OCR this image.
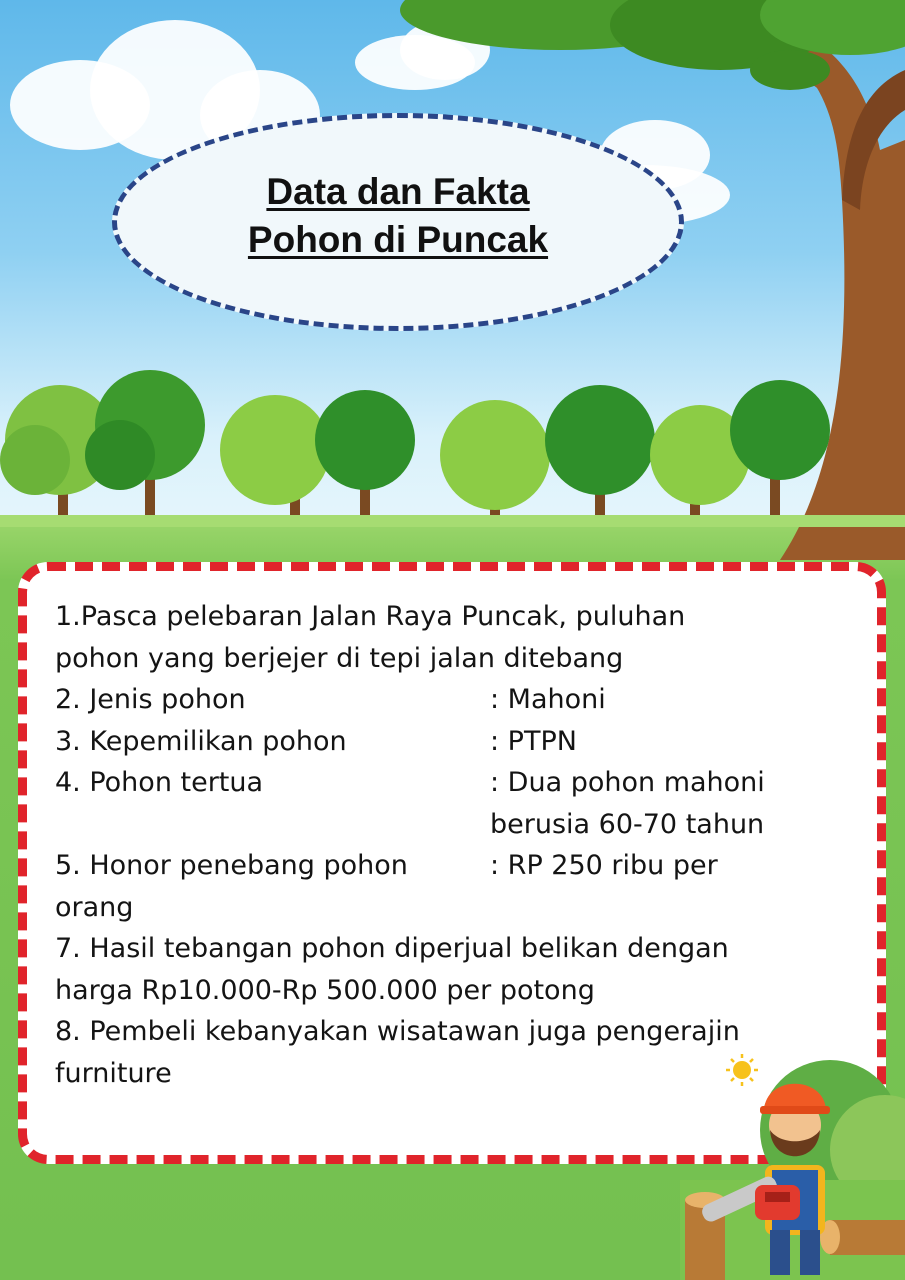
Data dan Fakta
Pohon di Puncak
1.Pasca pelebaran Jalan Raya Puncak, puluhan
pohon yang berjejer di tepi jalan ditebang
2. Jenis pohon	: Mahoni
3. Kepemilikan pohon	: PTPN
4. Pohon tertua	: Dua pohon mahoni
berusia 60-70 tahun
5. Honor penebang pohon	: RP 250 ribu per
orang
7. Hasil tebangan pohon diperjual belikan dengan
harga Rp10.000-Rp 500.000 per potong
8. Pembeli kebanyakan wisatawan juga pengerajin
furniture
